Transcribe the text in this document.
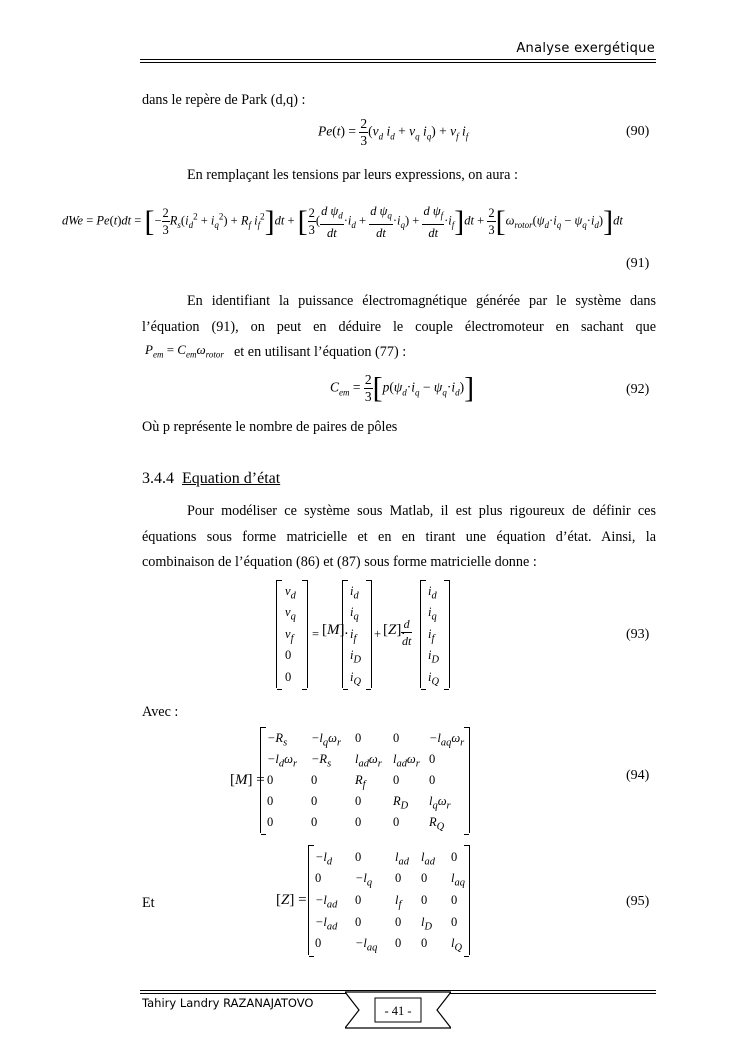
Analyse exergétique
dans le repère de Park (d,q) :
$Pe(t) = \frac{2}{3} (v_d$ $i_d + v_q$ $i_q) + v_f$ $i_f$	(90)
En remplaçant les tensions par leurs expressions, on aura :
dWe = Pe(t)dt = [− $\frac{2}{3} R_s(i_d^2 + i_q^2) + R_f$ $i_f^2]dt$ + [ $\frac{2}{3}$ ( $\frac{d \psi_d}{dt} \cdot i_d + \frac{d \psi_q}{dt} \cdot i_q) + \frac{d \psi_f}{dt} \cdot i_f]dt + \frac{2}{3} [\omega_{rotor}(\psi_d\cdot i_q - \psi_q\cdot i_d)]dt$
(91)
En identifiant la puissance électromagnétique générée par le système dans
l’équation (91), on peut en déduire le couple électromoteur en sachant que
$P_{em} = C_{em}\omega_{rotor}$ et en utilisant l’équation (77) :
$C_{em} = \frac{2}{3} [p(\psi_d\cdot i_q - \psi_q\cdot i_d)]$	(92)
Où p représente le nombre de paires de pôles
3.4.4 Equation d’état
Pour modéliser ce système sous Matlab, il est plus rigoureux de définir ces
équations sous forme matricielle et en en tirant une équation d’état. Ainsi, la
combinaison de l’équation (86) et (87) sous forme matricielle donne :
$v_d$
$v_q$
$v_f$
0
0
= [M].
$i_d$
$i_q$
$i_f$
$i_D$
$i_Q$
+ [Z].
$\frac{d}{dt}$
$i_d$
$i_q$
$i_f$
$i_D$
$i_Q$
(93)
Avec :
[M] =
$-R_s -l_q\omega_r$ 0	$0 -l_{aq}\omega_r$
$-l_d\omega_r -R_s$ $l_{ad}\omega_r$ $l_{ad}\omega_r$ 0
0	0	$R_f$ 0 0
0	0	0	$R_D$ $l_q\omega_r$
0	0	0	0 $R_Q$
(94)
Et	[Z] =
$-l_d$ 0	$l_{ad}$ $l_{ad}$ 0
0	$-l_q$ 0 0 $l_{aq}$
$-l_{ad}$ 0	$l_f$ 0 0
$-l_{ad}$ 0	0 $l_D$ 0
0	$-l_{aq}$ 0 0 $l_Q$
(95)
Tahiry Landry RAZANAJATOVO
- 41 -
